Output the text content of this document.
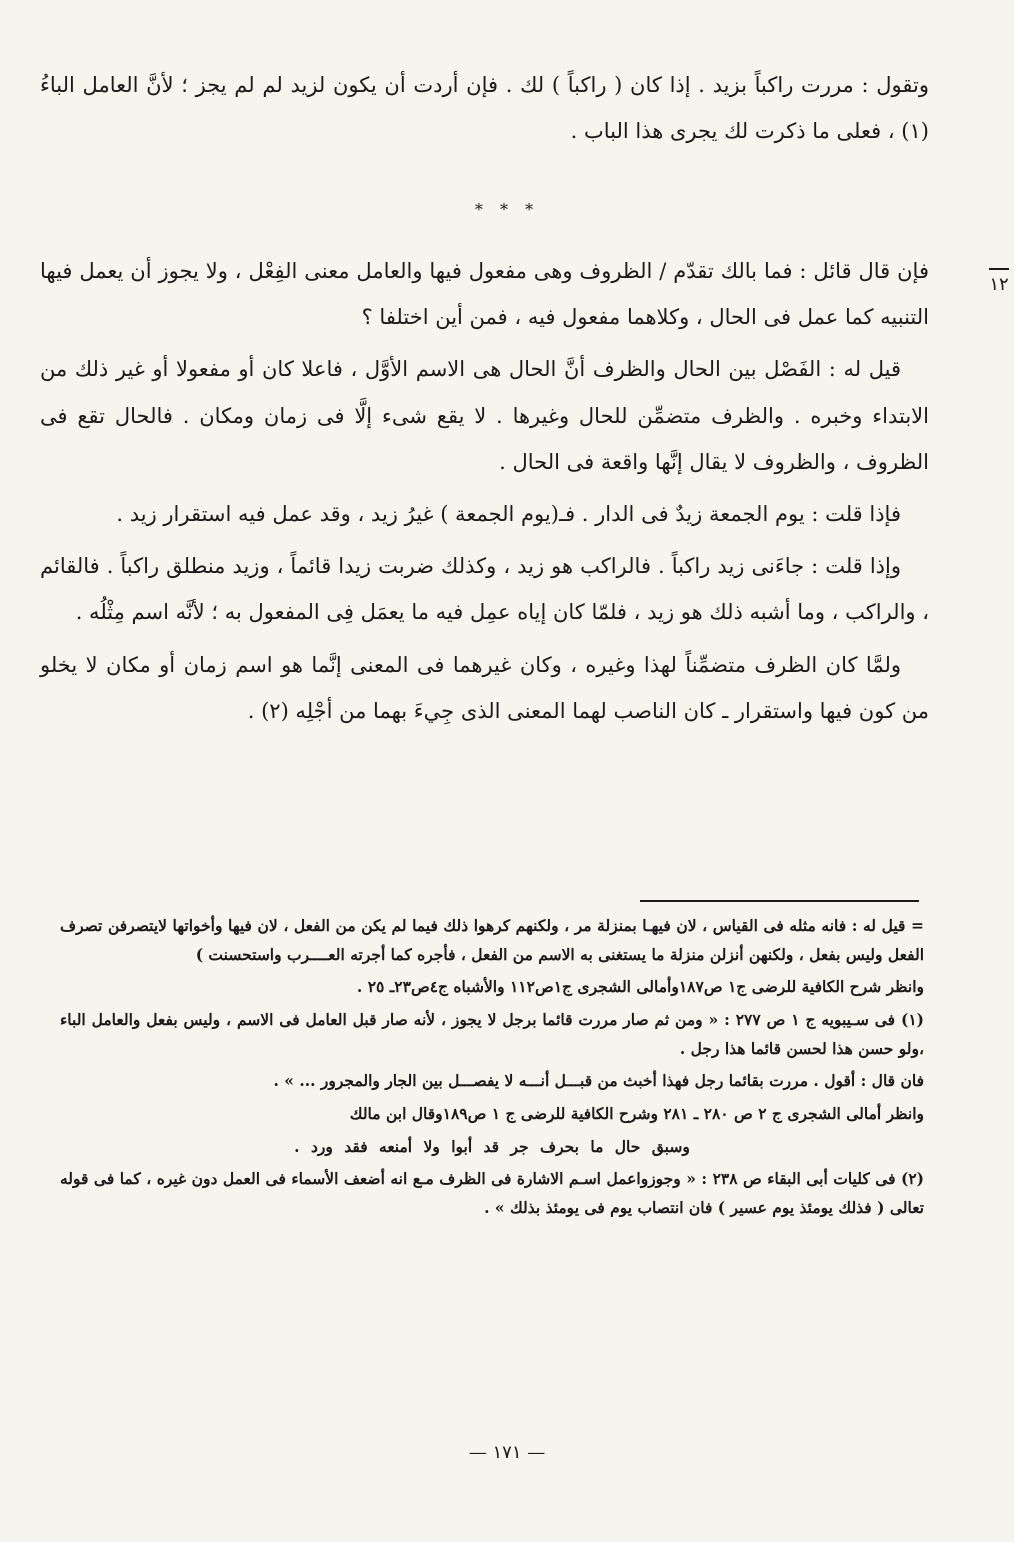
وتقول : مررت راكباً بزيد . إذا كان ( راكباً ) لك . فإن أردت أن يكون لزيد لم لم يجز ؛ لأنَّ العامل الباءُ (١) ، فعلى ما ذكرت لك يجرى هذا الباب .

* * *
١٢

فإن قال قائل : فما بالك تقدّم / الظروف وهى مفعول فيها والعامل معنى الفِعْل ، ولا يجوز أن يعمل فيها التنبيه كما عمل فى الحال ، وكلاهما مفعول فيه ، فمن أين اختلفا ؟

قيل له : الفَصْل بين الحال والظرف أنَّ الحال هى الاسم الأوَّل ، فاعلا كان أو مفعولا أو غير ذلك من الابتداء وخبره . والظرف متضمِّن للحال وغيرها . لا يقع شىء إلَّا فى زمان ومكان . فالحال تقع فى الظروف ، والظروف لا يقال إنَّها واقعة فى الحال .

فإذا قلت : يوم الجمعة زيدٌ فى الدار . فـ(يوم الجمعة ) غيرُ زيد ، وقد عمل فيه استقرار زيد .

وإذا قلت : جاءَنى زيد راكباً . فالراكب هو زيد ، وكذلك ضربت زيدا قائماً ، وزيد منطلق راكباً . فالقائم ، والراكب ، وما أشبه ذلك هو زيد ، فلمّا كان إياه عمِل فيه ما يعمَل فِى المفعول به ؛ لأنَّه اسم مِثْلُه .

ولمَّا كان الظرف متضمِّناً لهذا وغيره ، وكان غيرهما فى المعنى إنَّما هو اسم زمان أو مكان لا يخلو من كون فيها واستقرار ـ كان الناصب لهما المعنى الذى جِيءَ بهما من أجْلِه (٢) .

= قيل له : فانه مثله فى القياس ، لان فيهـا بمنزلة مر ، ولكنهم كرهوا ذلك فيما لم يكن من الفعل ، لان فيها وأخواتها لايتصرفن تصرف الفعل وليس بفعل ، ولكنهن أنزلن منزلة ما يستغنى به الاسم من الفعل ، فأجره كما أجرته العــــرب واستحسنت )

وانظر شرح الكافية للرضى ج١ ص١٨٧وأمالى الشجرى ج١ص١١٢ والأشباه ج٤ص٢٣ـ ٢٥ .

(١) فى سـيبويه ج ١ ص ٢٧٧ : « ومن ثم صار مررت قائما برجل لا يجوز ، لأنه صار قبل العامل فى الاسم ، وليس بفعل والعامل الباء ،ولو حسن هذا لحسن قائما هذا رجل .

فان قال : أقول . مررت بقائما رجل فهذا أخبث من قبـــل أنـــه لا يفصـــل بين الجار والمجرور ... » .

وانظر أمالى الشجرى ج ٢ ص ٢٨٠ ـ ٢٨١ وشرح الكافية للرضى ج ١ ص١٨٩وقال ابن مالك

وسبق حال ما بحرف جر قد أبوا ولا أمنعه فقد ورد .

(٢) فى كليات أبى البقاء ص ٢٣٨ : « وجوزواعمل اسـم الاشارة فى الظرف مـع انه أضعف الأسماء فى العمل دون غيره ، كما فى قوله تعالى ( فذلك يومئذ يوم عسير ) فان انتصاب يوم فى يومئذ بذلك » .

— ١٧١ —
